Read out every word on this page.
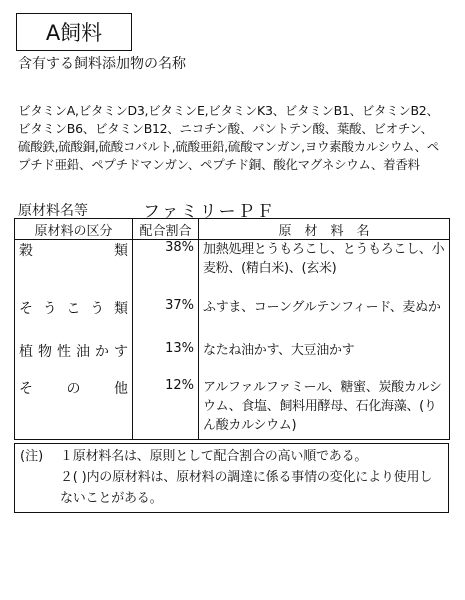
A飼料
含有する飼料添加物の名称
ビタミンA,ビタミンD3,ビタミンE,ビタミンK3、ビタミンB1、ビタミンB2、ビタミンB6、ビタミンB12、ニコチン酸、パントテン酸、葉酸、ビオチン、硫酸鉄,硫酸銅,硫酸コバルト,硫酸亜鉛,硫酸マンガン,ヨウ素酸カルシウム、ペプチド亜鉛、ペプチドマンガン、ペプチド銅、酸化マグネシウム、着香料
原材料名等	ファミリーＰＦ
原材料の区分	配合割合	原　材　料　名
穀類	38%	加熱処理とうもろこし、とうもろこし、小麦粉、(精白米)、(玄米)
そうこう類	37%	ふすま、コーングルテンフィード、麦ぬか
植物性油かす	13%	なたね油かす、大豆油かす
その他	12%	アルファルファミール、糖蜜、炭酸カルシウム、食塩、飼料用酵母、石化海藻、(りん酸カルシウム)
(注) １原材料名は、原則として配合割合の高い順である。
２( )内の原材料は、原材料の調達に係る事情の変化により使用しないことがある。
